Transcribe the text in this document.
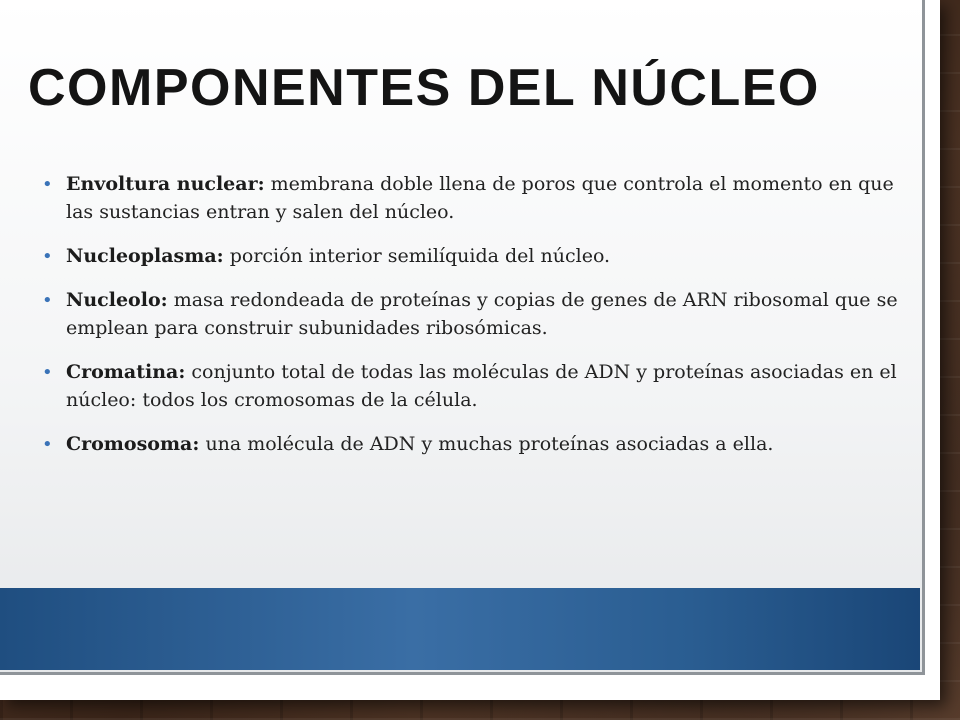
COMPONENTES DEL NÚCLEO
• Envoltura nuclear: membrana doble llena de poros que controla el momento en que las sustancias entran y salen del núcleo.
• Nucleoplasma: porción interior semilíquida del núcleo.
• Nucleolo: masa redondeada de proteínas y copias de genes de ARN ribosomal que se emplean para construir subunidades ribosómicas.
• Cromatina: conjunto total de todas las moléculas de ADN y proteínas asociadas en el núcleo: todos los cromosomas de la célula.
• Cromosoma: una molécula de ADN y muchas proteínas asociadas a ella.
